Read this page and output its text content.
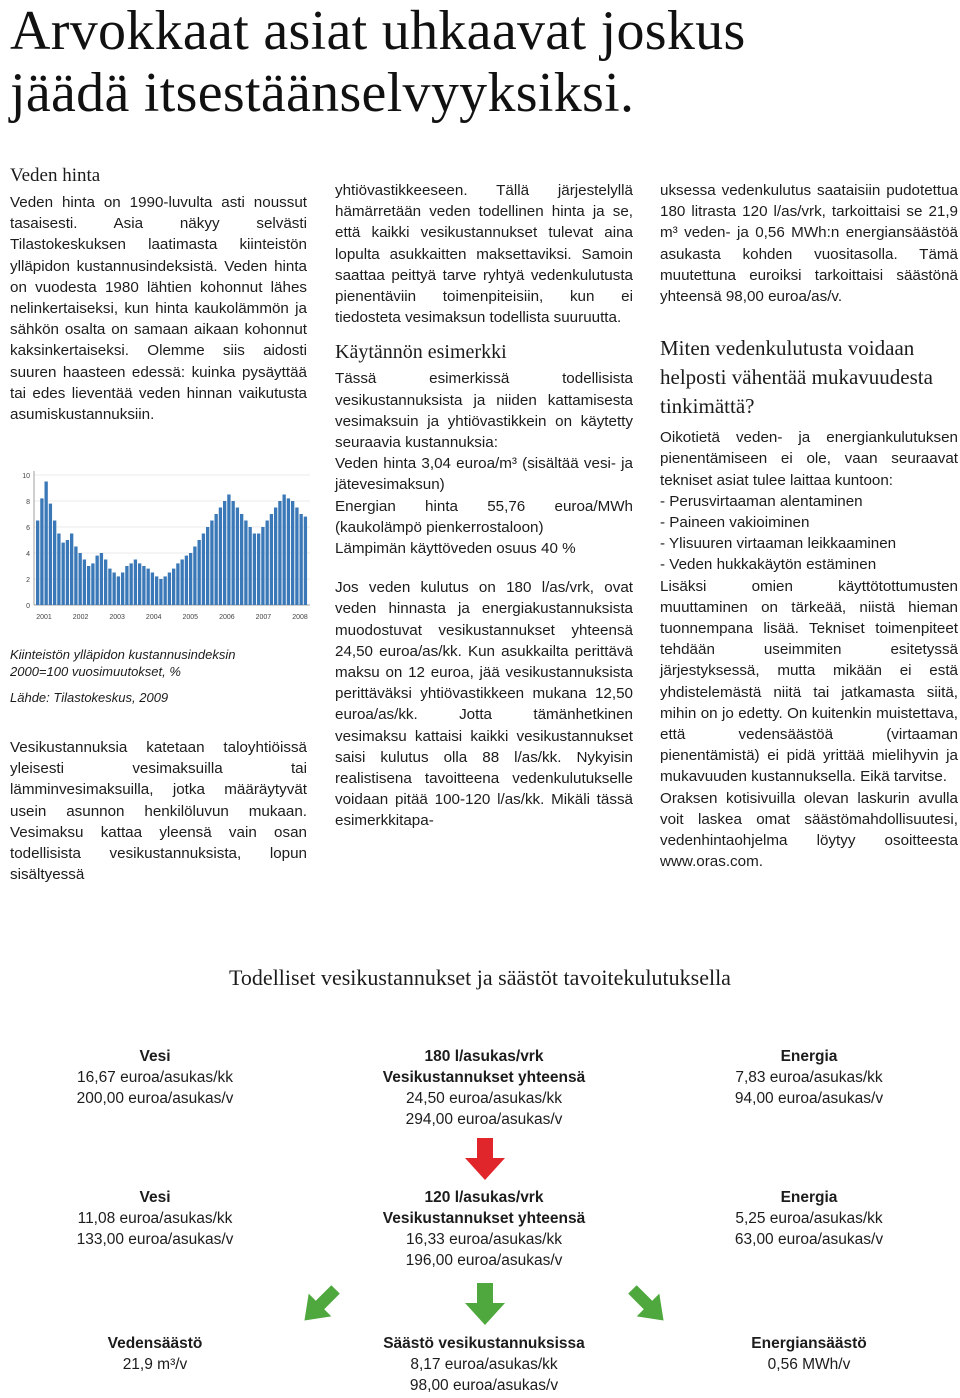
Arvokkaat asiat uhkaavat joskus
jäädä itsestäänselvyyksiksi.
Veden hinta

Veden hinta on 1990-luvulta asti noussut tasaisesti. Asia näkyy selvästi Tilastokeskuksen laatimasta kiinteistön ylläpidon kustannusindeksistä. Veden hinta on vuodesta 1980 lähtien kohonnut lähes nelinkertaiseksi, kun hinta kaukolämmön ja sähkön osalta on samaan aikaan kohonnut kaksinkertaiseksi. Olemme siis aidosti suuren haasteen edessä: kuinka pysäyttää tai edes lieventää veden hinnan vaikutusta asumiskustannuksiin.

10
8
6
4
2
0
2001	2002	2003	2004	2005	2006	2007	2008
Kiinteistön ylläpidon kustannusindeksin
2000=100 vuosimuutokset, %
Lähde: Tilastokeskus, 2009

Vesikustannuksia katetaan taloyhtiöissä yleisesti vesimaksuilla tai lämminvesimaksuilla, jotka määräytyvät usein asunnon henkilöluvun mukaan. Vesimaksu kattaa yleensä vain osan todellisista vesikustannuksista, lopun sisältyessä

yhtiövastikkeeseen. Tällä järjestelyllä hämärretään veden todellinen hinta ja se, että kaikki vesikustannukset tulevat aina lopulta asukkaitten maksettaviksi. Samoin saattaa peittyä tarve ryhtyä vedenkulutusta pienentäviin toimenpiteisiin, kun ei tiedosteta vesimaksun todellista suuruutta.

Käytännön esimerkki

Tässä esimerkissä todellisista vesikustannuksista ja niiden kattamisesta vesimaksuin ja yhtiövastikkein on käytetty seuraavia kustannuksia:

Veden hinta 3,04 euroa/m³ (sisältää vesi- ja jätevesimaksun)

Energian hinta 55,76 euroa/MWh (kaukolämpö pienkerrostaloon)

Lämpimän käyttöveden osuus 40 %

Jos veden kulutus on 180 l/as/vrk, ovat veden hinnasta ja energiakustannuksista muodostuvat vesikustannukset yhteensä 24,50 euroa/as/kk. Kun asukkailta perittävä maksu on 12 euroa, jää vesikustannuksista perittäväksi yhtiövastikkeen mukana 12,50 euroa/as/kk. Jotta tämänhetkinen vesimaksu kattaisi kaikki vesikustannukset saisi kulutus olla 88 l/as/kk. Nykyisin realistisena tavoitteena vedenkulutukselle voidaan pitää 100-120 l/as/kk. Mikäli tässä esimerkkitapa-

uksessa vedenkulutus saataisiin pudotettua 180 litrasta 120 l/as/vrk, tarkoittaisi se 21,9 m³ veden- ja 0,56 MWh:n energiansäästöä asukasta kohden vuositasolla. Tämä muutettuna euroiksi tarkoittaisi säästönä yhteensä 98,00 euroa/as/v.

Miten vedenkulutusta voidaan helposti vähentää mukavuudesta tinkimättä?

Oikotietä veden- ja energiankulutuksen pienentämiseen ei ole, vaan seuraavat tekniset asiat tulee laittaa kuntoon:

- Perusvirtaaman alentaminen
- Paineen vakioiminen
- Ylisuuren virtaaman leikkaaminen
- Veden hukkakäytön estäminen

Lisäksi omien käyttötottumusten muuttaminen on tärkeää, niistä hieman tuonnempana lisää. Tekniset toimenpiteet tehdään useimmiten esitetyssä järjestyksessä, mutta mikään ei estä yhdistelemästä niitä tai jatkamasta siitä, mihin on jo edetty. On kuitenkin muistettava, että vedensäästöä (virtaaman pienentämistä) ei pidä yrittää mielihyvin ja mukavuuden kustannuksella. Eikä tarvitse.

Oraksen kotisivuilla olevan laskurin avulla voit laskea omat säästömahdollisuutesi, vedenhintaohjelma löytyy osoitteesta www.oras.com.

Todelliset vesikustannukset ja säästöt tavoitekulutuksella
Vesi
16,67 euroa/asukas/kk
200,00 euroa/asukas/v
180 l/asukas/vrk
Vesikustannukset yhteensä
24,50 euroa/asukas/kk
294,00 euroa/asukas/v
Energia
7,83 euroa/asukas/kk
94,00 euroa/asukas/v
Vesi
11,08 euroa/asukas/kk
133,00 euroa/asukas/v
120 l/asukas/vrk
Vesikustannukset yhteensä
16,33 euroa/asukas/kk
196,00 euroa/asukas/v
Energia
5,25 euroa/asukas/kk
63,00 euroa/asukas/v
Vedensäästö
21,9 m³/v
Säästö vesikustannuksissa
8,17 euroa/asukas/kk
98,00 euroa/asukas/v
Energiansäästö
0,56 MWh/v
